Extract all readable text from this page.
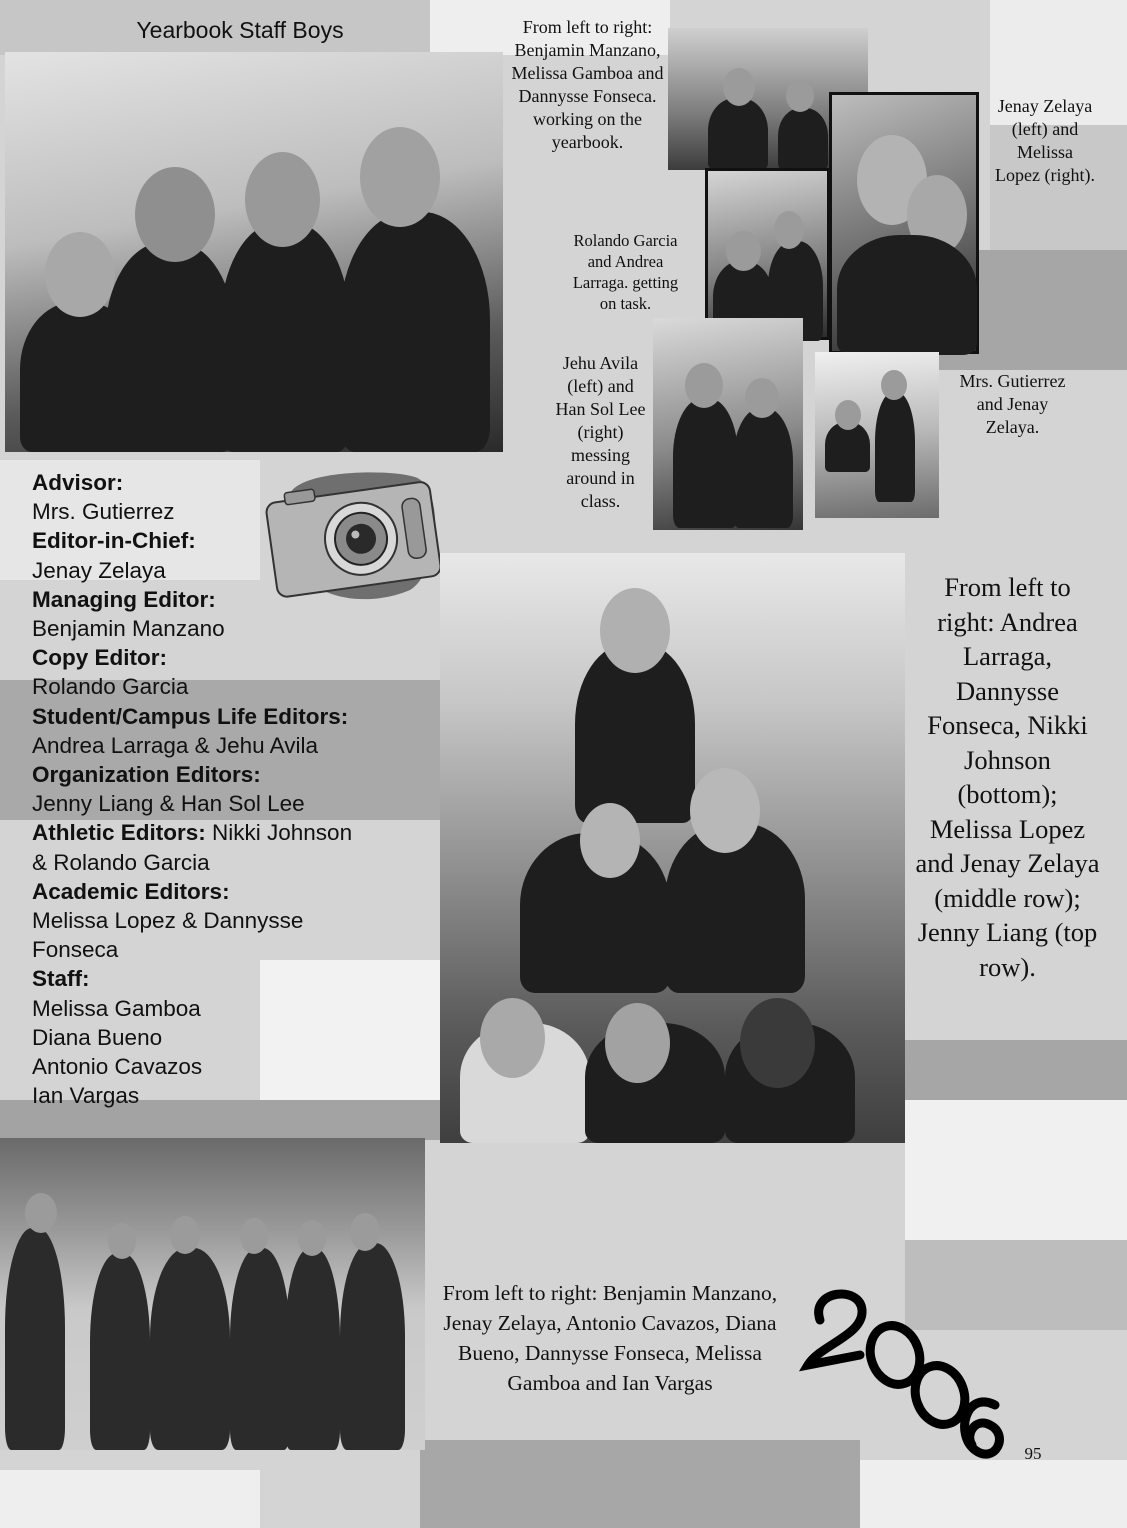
Yearbook Staff Boys	From left to right: Benjamin Manzano, Melissa Gamboa and Dannysse Fonseca. working on the yearbook.
Jenay Zelaya (left) and Melissa Lopez (right).
Rolando Garcia and Andrea Larraga. getting on task.
Jehu Avila (left) and Han Sol Lee (right) messing around in class.
Mrs. Gutierrez and Jenay Zelaya.
Advisor:
Mrs. Gutierrez
Editor-in-Chief:
Jenay Zelaya
Managing Editor:
Benjamin Manzano
Copy Editor:
Rolando Garcia
Student/Campus Life Editors:
Andrea Larraga & Jehu Avila
Organization Editors:
Jenny Liang & Han Sol Lee
Athletic Editors: Nikki Johnson
& Rolando Garcia
Academic Editors:
Melissa Lopez & Dannysse
Fonseca
Staff:
Melissa Gamboa
Diana Bueno
Antonio Cavazos
Ian Vargas
From left to right: Andrea Larraga, Dannysse Fonseca, Nikki Johnson (bottom); Melissa Lopez and Jenay Zelaya (middle row); Jenny Liang (top row).
From left to right: Benjamin Manzano, Jenay Zelaya, Antonio Cavazos, Diana Bueno, Dannysse Fonseca, Melissa Gamboa and Ian Vargas
95
